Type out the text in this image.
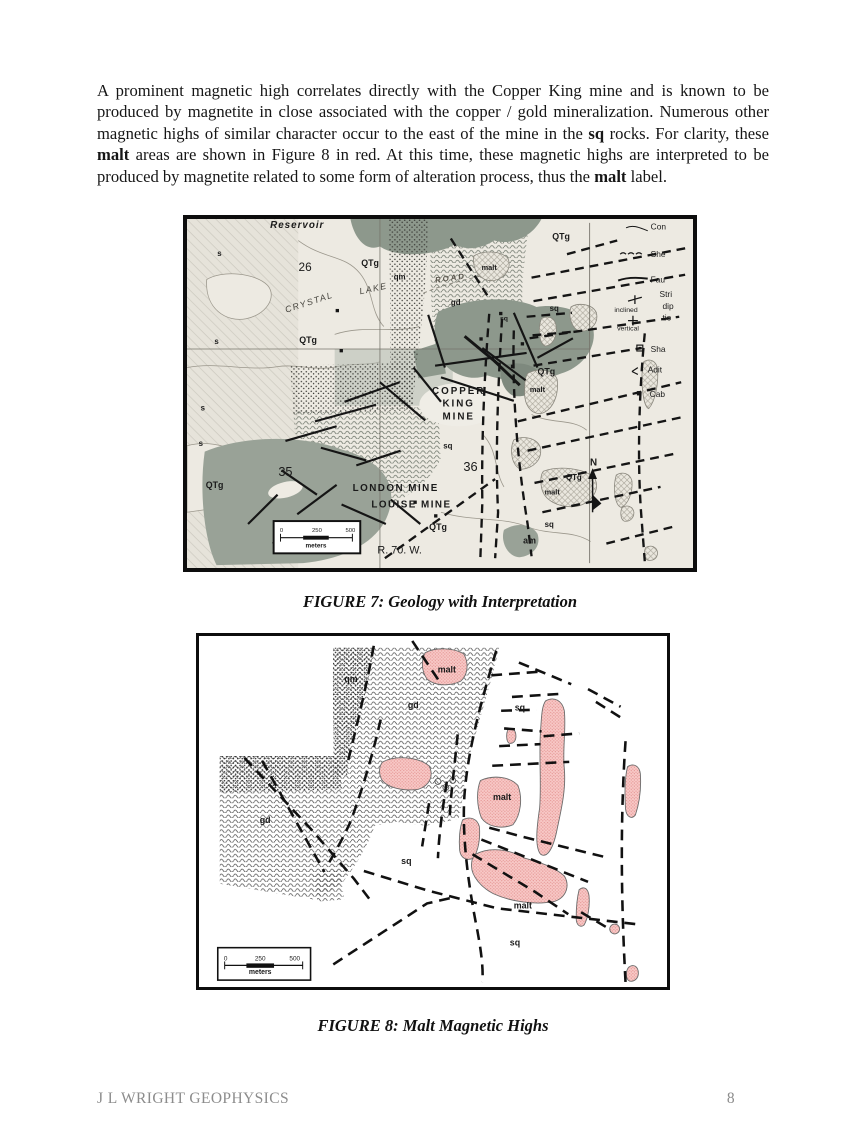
A prominent magnetic high correlates directly with the Copper King mine and is known to be produced by magnetite in close associated with the copper / gold mineralization. Numerous other magnetic highs of similar character occur to the east of the mine in the sq rocks. For clarity, these malt areas are shown in Figure 8 in red. At this time, these magnetic highs are interpreted to be produced by magnetite related to some form of alteration process, thus the malt label.

Reservoir
26	QTg
qm	ROAD
malt
QTg
gd
sq
sq
CRYSTAL
LAKE
QTg
s
s
s
s
COPPER
KING
MINE
sq
36
35
LONDON MINE
LOUISE MINE
QTg
QTg
R. 70. W.
am
sq
malt
QTg
malt
QTg
N
Con
She
Fau
Stri
dip
tio
inclined
vertical
Sha
Adit
Cab
0	250	500
meters
FIGURE 7: Geology with Interpretation
qm
gd
malt
sq
malt
gd
sq
malt
sq
0	250	500
meters
FIGURE 8: Malt Magnetic Highs
J L WRIGHT GEOPHYSICS	8
